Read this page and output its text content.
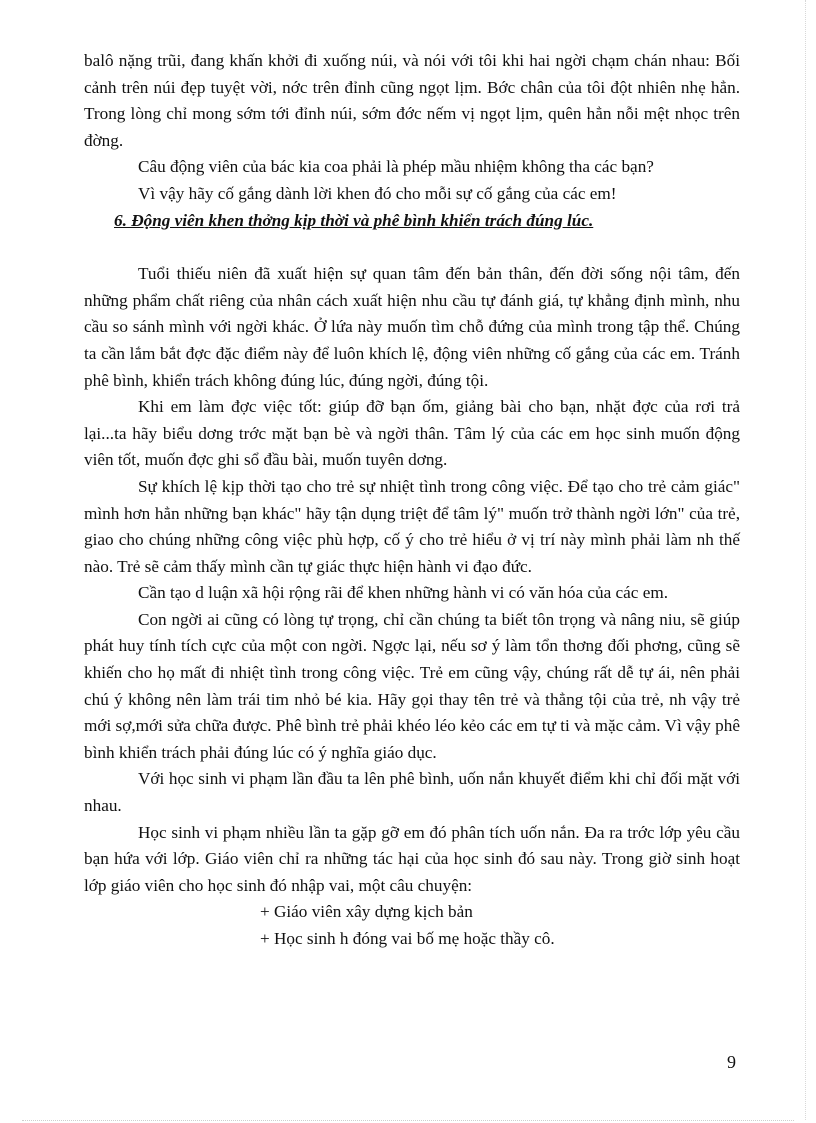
balô nặng trũi, đang khấn khởi đi xuống núi, và nói với tôi khi hai ngời chạm chán nhau: Bối cảnh trên núi đẹp tuyệt vời, nớc trên đỉnh cũng ngọt lịm. Bớc chân của tôi đột nhiên nhẹ hẳn. Trong lòng chỉ mong sớm tới đỉnh núi, sớm đớc nếm vị ngọt lịm, quên hẳn nỗi mệt nhọc trên đờng.

Câu động viên của bác kia coa phải là phép mầu nhiệm không tha các bạn?

Vì vậy hãy cố gắng dành lời khen đó cho mỗi sự cố gắng của các em!

6. Động viên khen thởng kịp thời và phê bình khiển trách đúng lúc.

Tuổi thiếu niên đã xuất hiện sự quan tâm đến bản thân, đến đời sống nội tâm, đến những phẩm chất riêng của nhân cách xuất hiện nhu cầu tự đánh giá, tự khẳng định mình, nhu cầu so sánh mình với ngời khác. Ở lứa này muốn tìm chỗ đứng của mình trong tập thể. Chúng ta cần lắm bắt đợc đặc điểm này để luôn khích lệ, động viên những cố gắng của các em. Tránh phê bình, khiển trách không đúng lúc, đúng ngời, đúng tội.

Khi em làm đợc việc tốt: giúp đỡ bạn ốm, giảng bài cho bạn, nhặt đợc của rơi trả lại...ta hãy biểu dơng trớc mặt bạn bè và ngời thân. Tâm lý của các em học sinh muốn động viên tốt, muốn đợc ghi sổ đầu bài, muốn tuyên dơng.

Sự khích lệ kịp thời tạo cho trẻ sự nhiệt tình trong công việc. Để tạo cho trẻ cảm giác" mình hơn hẳn những bạn khác" hãy tận dụng triệt để tâm lý" muốn trở thành ngời lớn" của trẻ, giao cho chúng những công việc phù hợp, cố ý cho trẻ hiểu ở vị trí này mình phải làm nh thế nào. Trẻ sẽ cảm thấy mình cần tự giác thực hiện hành vi đạo đức.

Cần tạo d luận xã hội rộng rãi để khen những hành vi có văn hóa của các em.

Con ngời ai cũng có lòng tự trọng, chỉ cần chúng ta biết tôn trọng và nâng niu, sẽ giúp phát huy tính tích cực của một con ngời. Ngợc lại, nếu sơ ý làm tổn thơng đối phơng, cũng sẽ khiến cho họ mất đi nhiệt tình trong công việc. Trẻ em cũng vậy, chúng rất dễ tự ái, nên phải chú ý không nên làm trái tim nhỏ bé kia. Hãy gọi thay tên trẻ và thẳng tội của trẻ, nh vậy trẻ mới sợ,mới sửa chữa được. Phê bình trẻ phải khéo léo kẻo các em tự ti và mặc cảm. Vì vậy phê bình khiển trách phải đúng lúc có ý nghĩa giáo dục.

Với học sinh vi phạm lần đầu ta lên phê bình, uốn nắn khuyết điểm khi chỉ đối mặt với nhau.

Học sinh vi phạm nhiều lần ta gặp gỡ em đó phân tích uốn nắn. Đa ra trớc lớp yêu cầu bạn hứa với lớp. Giáo viên chỉ ra những tác hại của học sinh đó sau này. Trong giờ sinh hoạt lớp giáo viên cho học sinh đó nhập vai, một câu chuyện:

+ Giáo viên xây dựng kịch bản

+ Học sinh h đóng vai bố mẹ hoặc thầy cô.

9
